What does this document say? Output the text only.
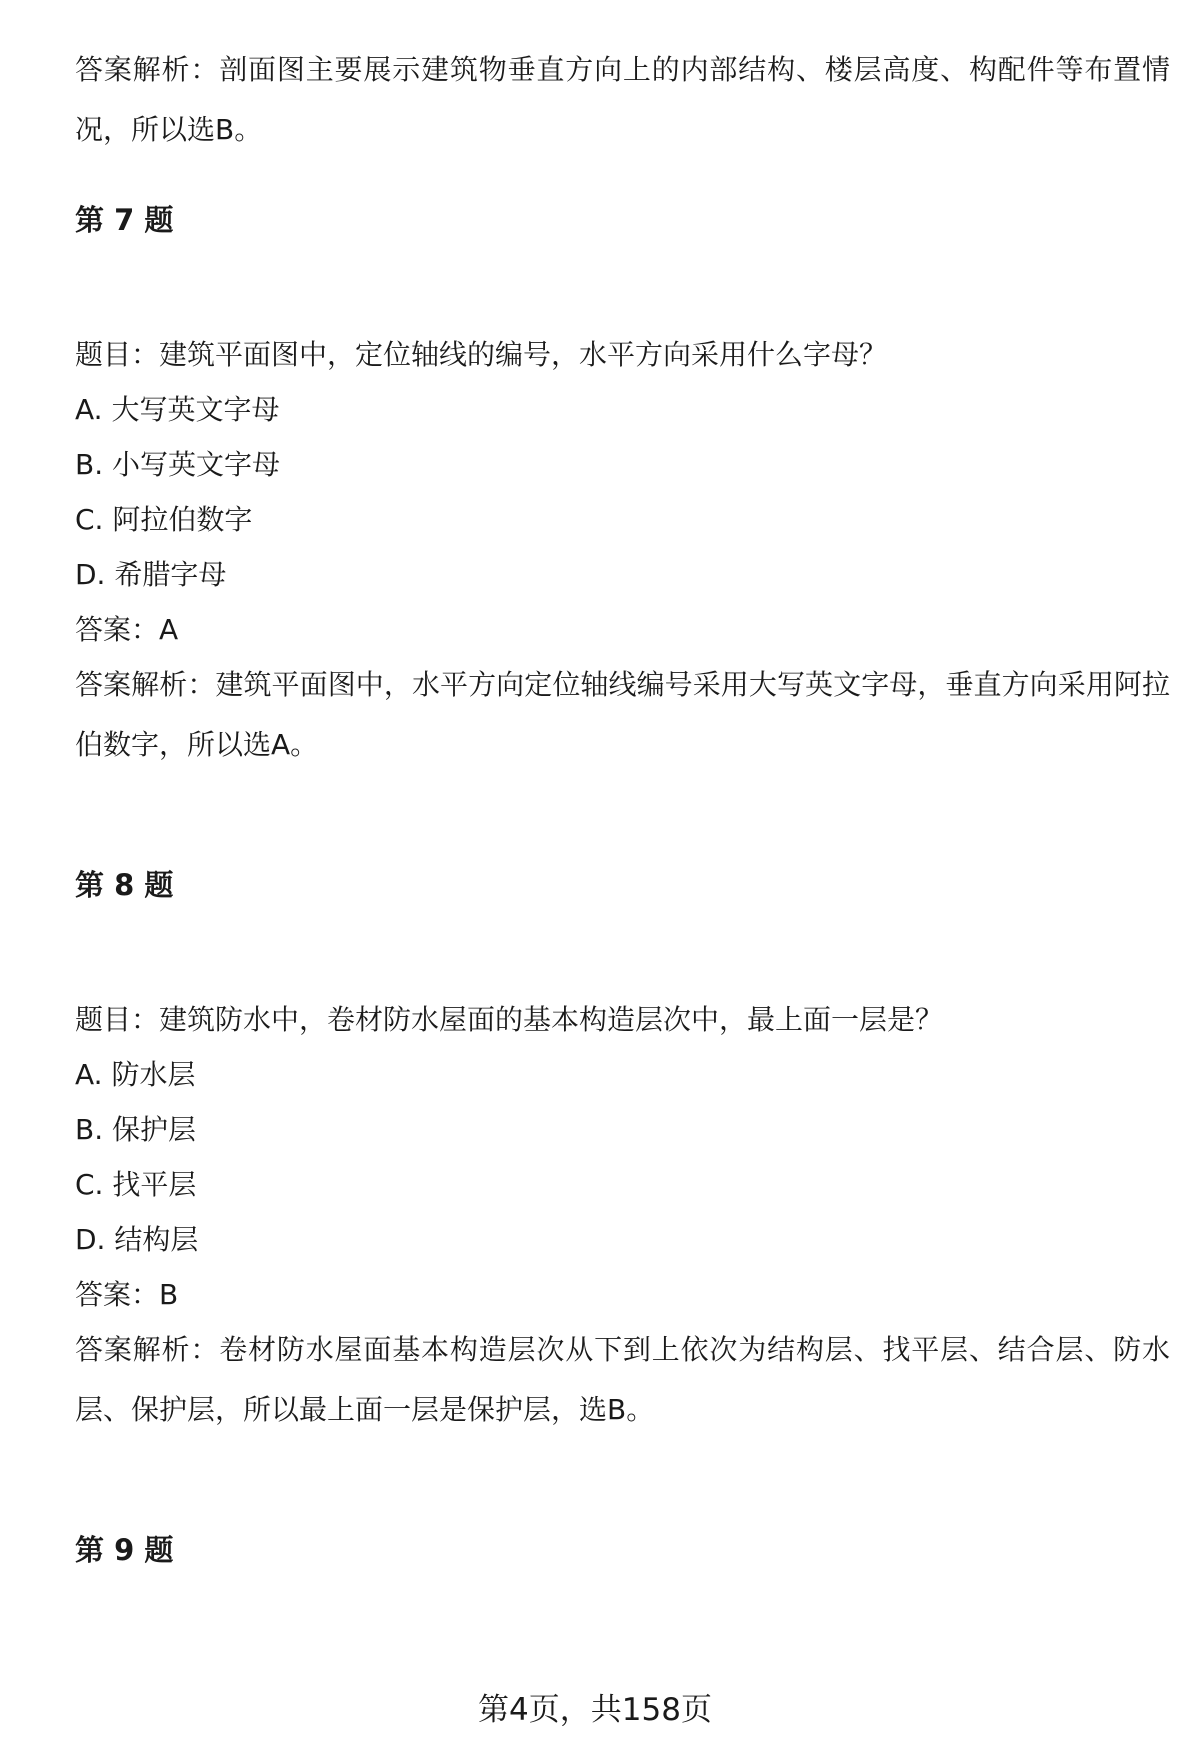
答案解析：剖面图主要展示建筑物垂直方向上的内部结构、楼层高度、构配件等布置情况，所以选B。
第 7 题
题目：建筑平面图中，定位轴线的编号，水平方向采用什么字母？
A. 大写英文字母
B. 小写英文字母
C. 阿拉伯数字
D. 希腊字母
答案：A
答案解析：建筑平面图中，水平方向定位轴线编号采用大写英文字母，垂直方向采用阿拉伯数字，所以选A。
第 8 题
题目：建筑防水中，卷材防水屋面的基本构造层次中，最上面一层是？
A. 防水层
B. 保护层
C. 找平层
D. 结构层
答案：B
答案解析：卷材防水屋面基本构造层次从下到上依次为结构层、找平层、结合层、防水层、保护层，所以最上面一层是保护层，选B。
第 9 题
第4页，共158页
